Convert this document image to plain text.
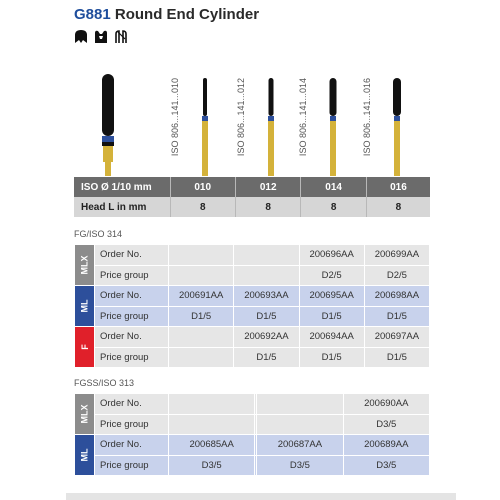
G881 Round End Cylinder
ISO 806...141...010	ISO 806...141...012	ISO 806...141...014	ISO 806...141...016
ISO Ø 1/10 mm	010	012	014	016
Head L in mm	8	8	8	8
FG/ISO 314
MLX	Order No.			200696AA	200699AA
	Price group			D2/5	D2/5
ML	Order No.	200691AA	200693AA	200695AA	200698AA
	Price group	D1/5	D1/5	D1/5	D1/5
F	Order No.		200692AA	200694AA	200697AA
	Price group		D1/5	D1/5	D1/5
FGSS/ISO 313
MLX	Order No.				200690AA
	Price group				D3/5
ML	Order No.	200685AA		200687AA	200689AA
	Price group	D3/5		D3/5	D3/5
